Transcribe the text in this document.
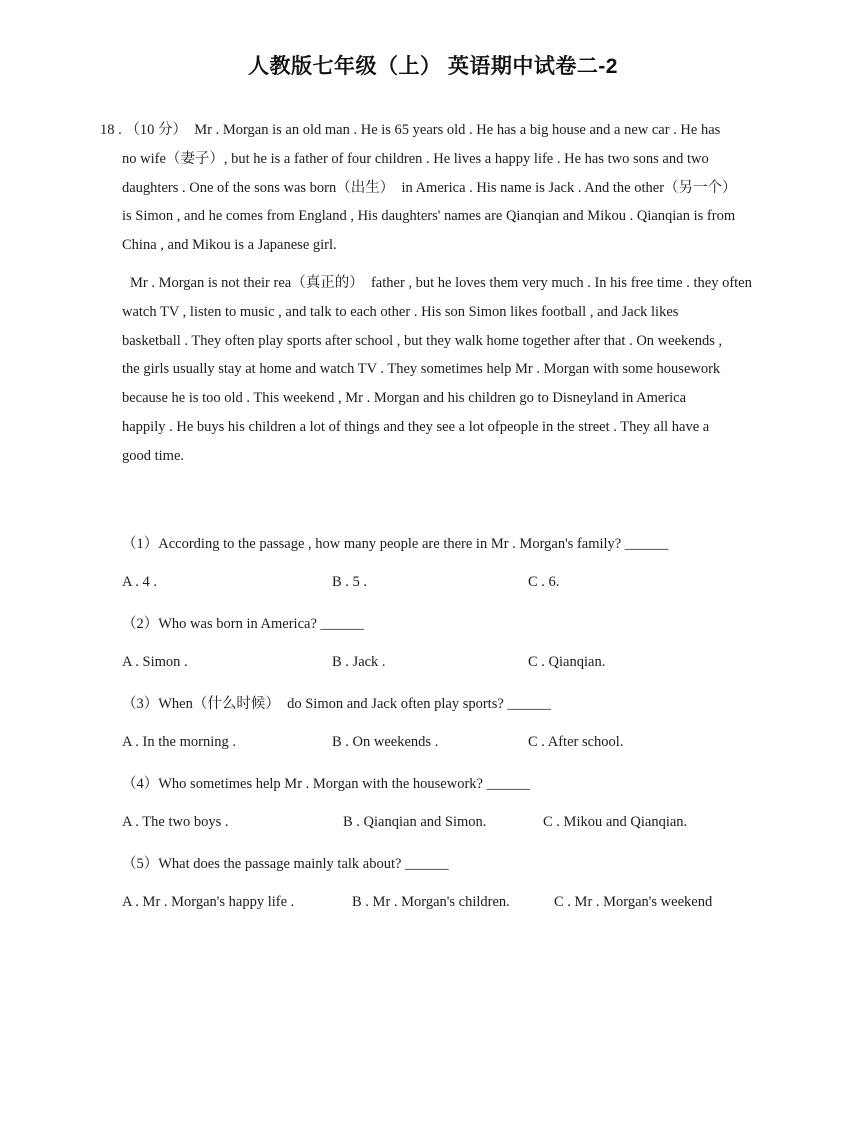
人教版七年级（上） 英语期中试卷二-2
18 . （10 分）  Mr . Morgan is an old man . He is 65 years old . He has a big house and a new car . He has
no wife（妻子）, but he is a father of four children . He lives a happy life . He has two sons and two
daughters . One of the sons was born（出生）  in America . His name is Jack . And the other（另一个）
is Simon , and he comes from England , His daughters' names are Qianqian and Mikou . Qianqian is from
China , and Mikou is a Japanese girl.
Mr . Morgan is not their rea（真正的）  father , but he loves them very much . In his free time . they often
watch TV , listen to music , and talk to each other . His son Simon likes football , and Jack likes
basketball . They often play sports after school , but they walk home together after that . On weekends ,
the girls usually stay at home and watch TV . They sometimes help Mr . Morgan with some housework
because he is too old . This weekend , Mr . Morgan and his children go to Disneyland in America
happily . He buys his children a lot of things and they see a lot ofpeople in the street . They all have a
good time.
（1）According to the passage , how many people are there in Mr . Morgan's family? ______
A . 4 .	B . 5 .	C . 6.
（2）Who was born in America? ______
A . Simon .	B . Jack .	C . Qianqian.
（3）When（什么时候）  do Simon and Jack often play sports? ______
A . In the morning .	B . On weekends .	C . After school.
（4）Who sometimes help Mr . Morgan with the housework? ______
A . The two boys .	B . Qianqian and Simon.	C . Mikou and Qianqian.
（5）What does the passage mainly talk about? ______
A . Mr . Morgan's happy life .	B . Mr . Morgan's children.	C . Mr . Morgan's weekend
